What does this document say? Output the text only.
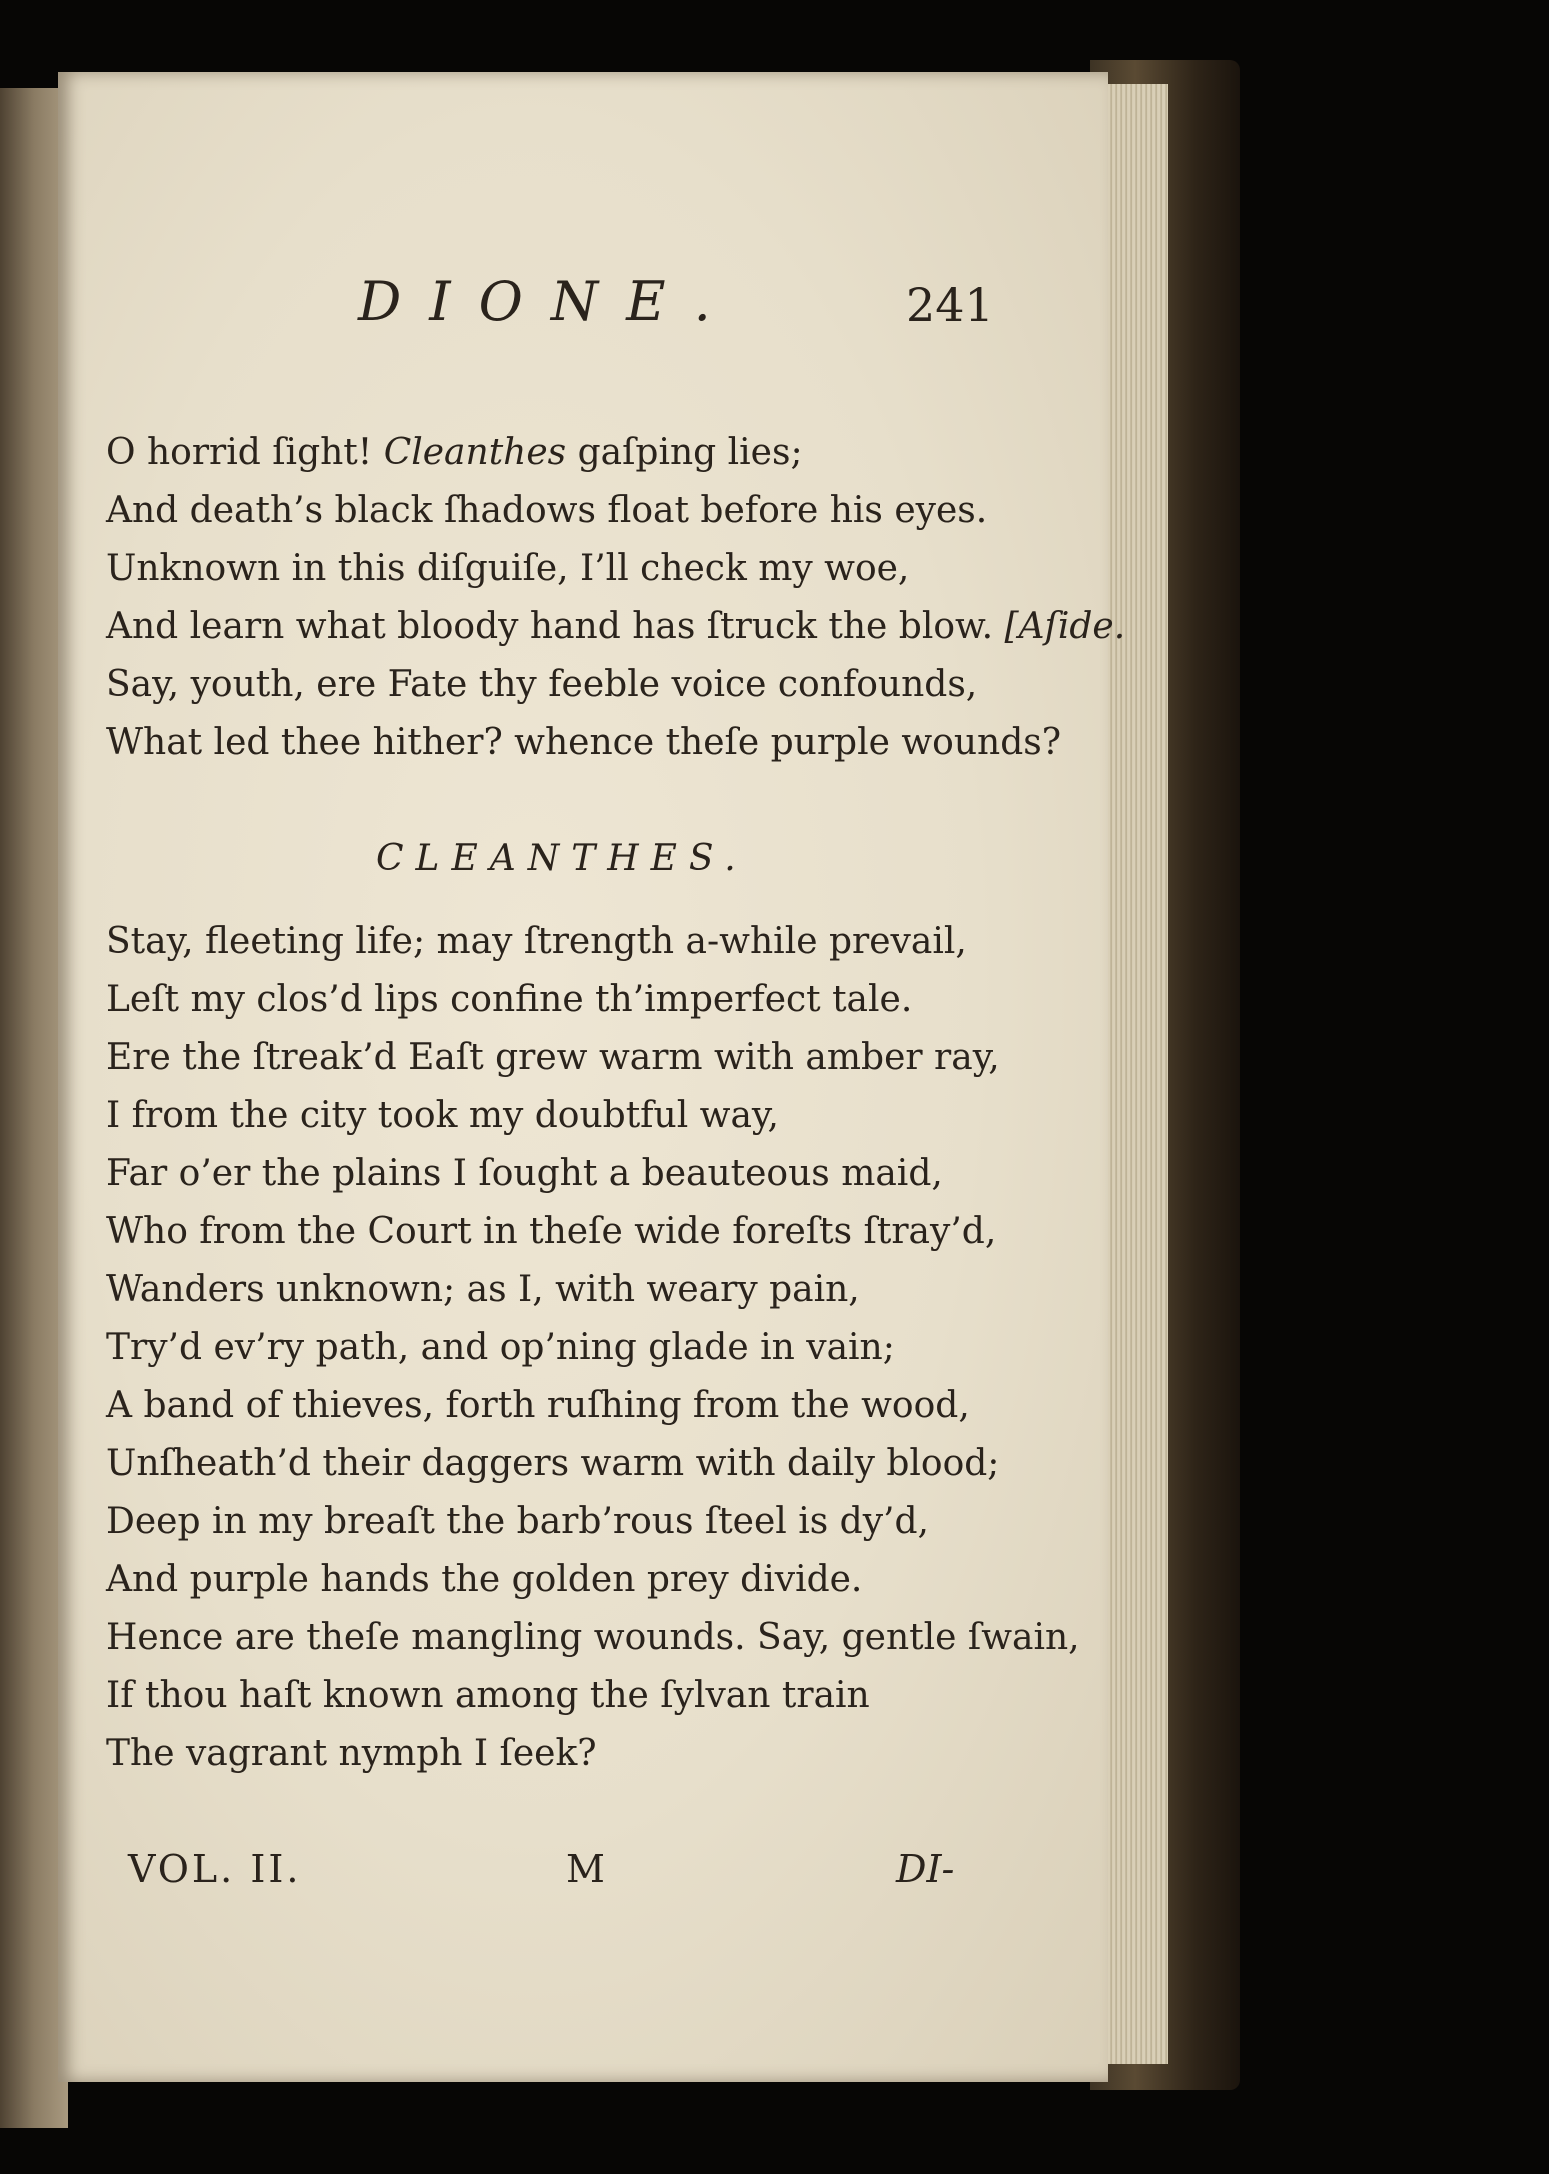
DIONE.	241
O horrid ſight! Cleanthes gaſping lies;
And death’s black ſhadows float before his eyes.
Unknown in this diſguiſe, I’ll check my woe,
And learn what bloody hand has ſtruck the blow. [Aſide.
Say, youth, ere Fate thy feeble voice confounds,
What led thee hither? whence theſe purple wounds?
CLEANTHES.
Stay, fleeting life; may ſtrength a-while prevail,
Leſt my clos’d lips confine th’imperfect tale.
Ere the ſtreak’d Eaſt grew warm with amber ray,
I from the city took my doubtful way,
Far o’er the plains I ſought a beauteous maid,
Who from the Court in theſe wide foreſts ſtray’d,
Wanders unknown; as I, with weary pain,
Try’d ev’ry path, and op’ning glade in vain;
A band of thieves, forth ruſhing from the wood,
Unſheath’d their daggers warm with daily blood;
Deep in my breaſt the barb’rous ſteel is dy’d,
And purple hands the golden prey divide.
Hence are theſe mangling wounds. Say, gentle ſwain,
If thou haſt known among the ſylvan train
The vagrant nymph I ſeek?
VOL. II.	M	DI-
